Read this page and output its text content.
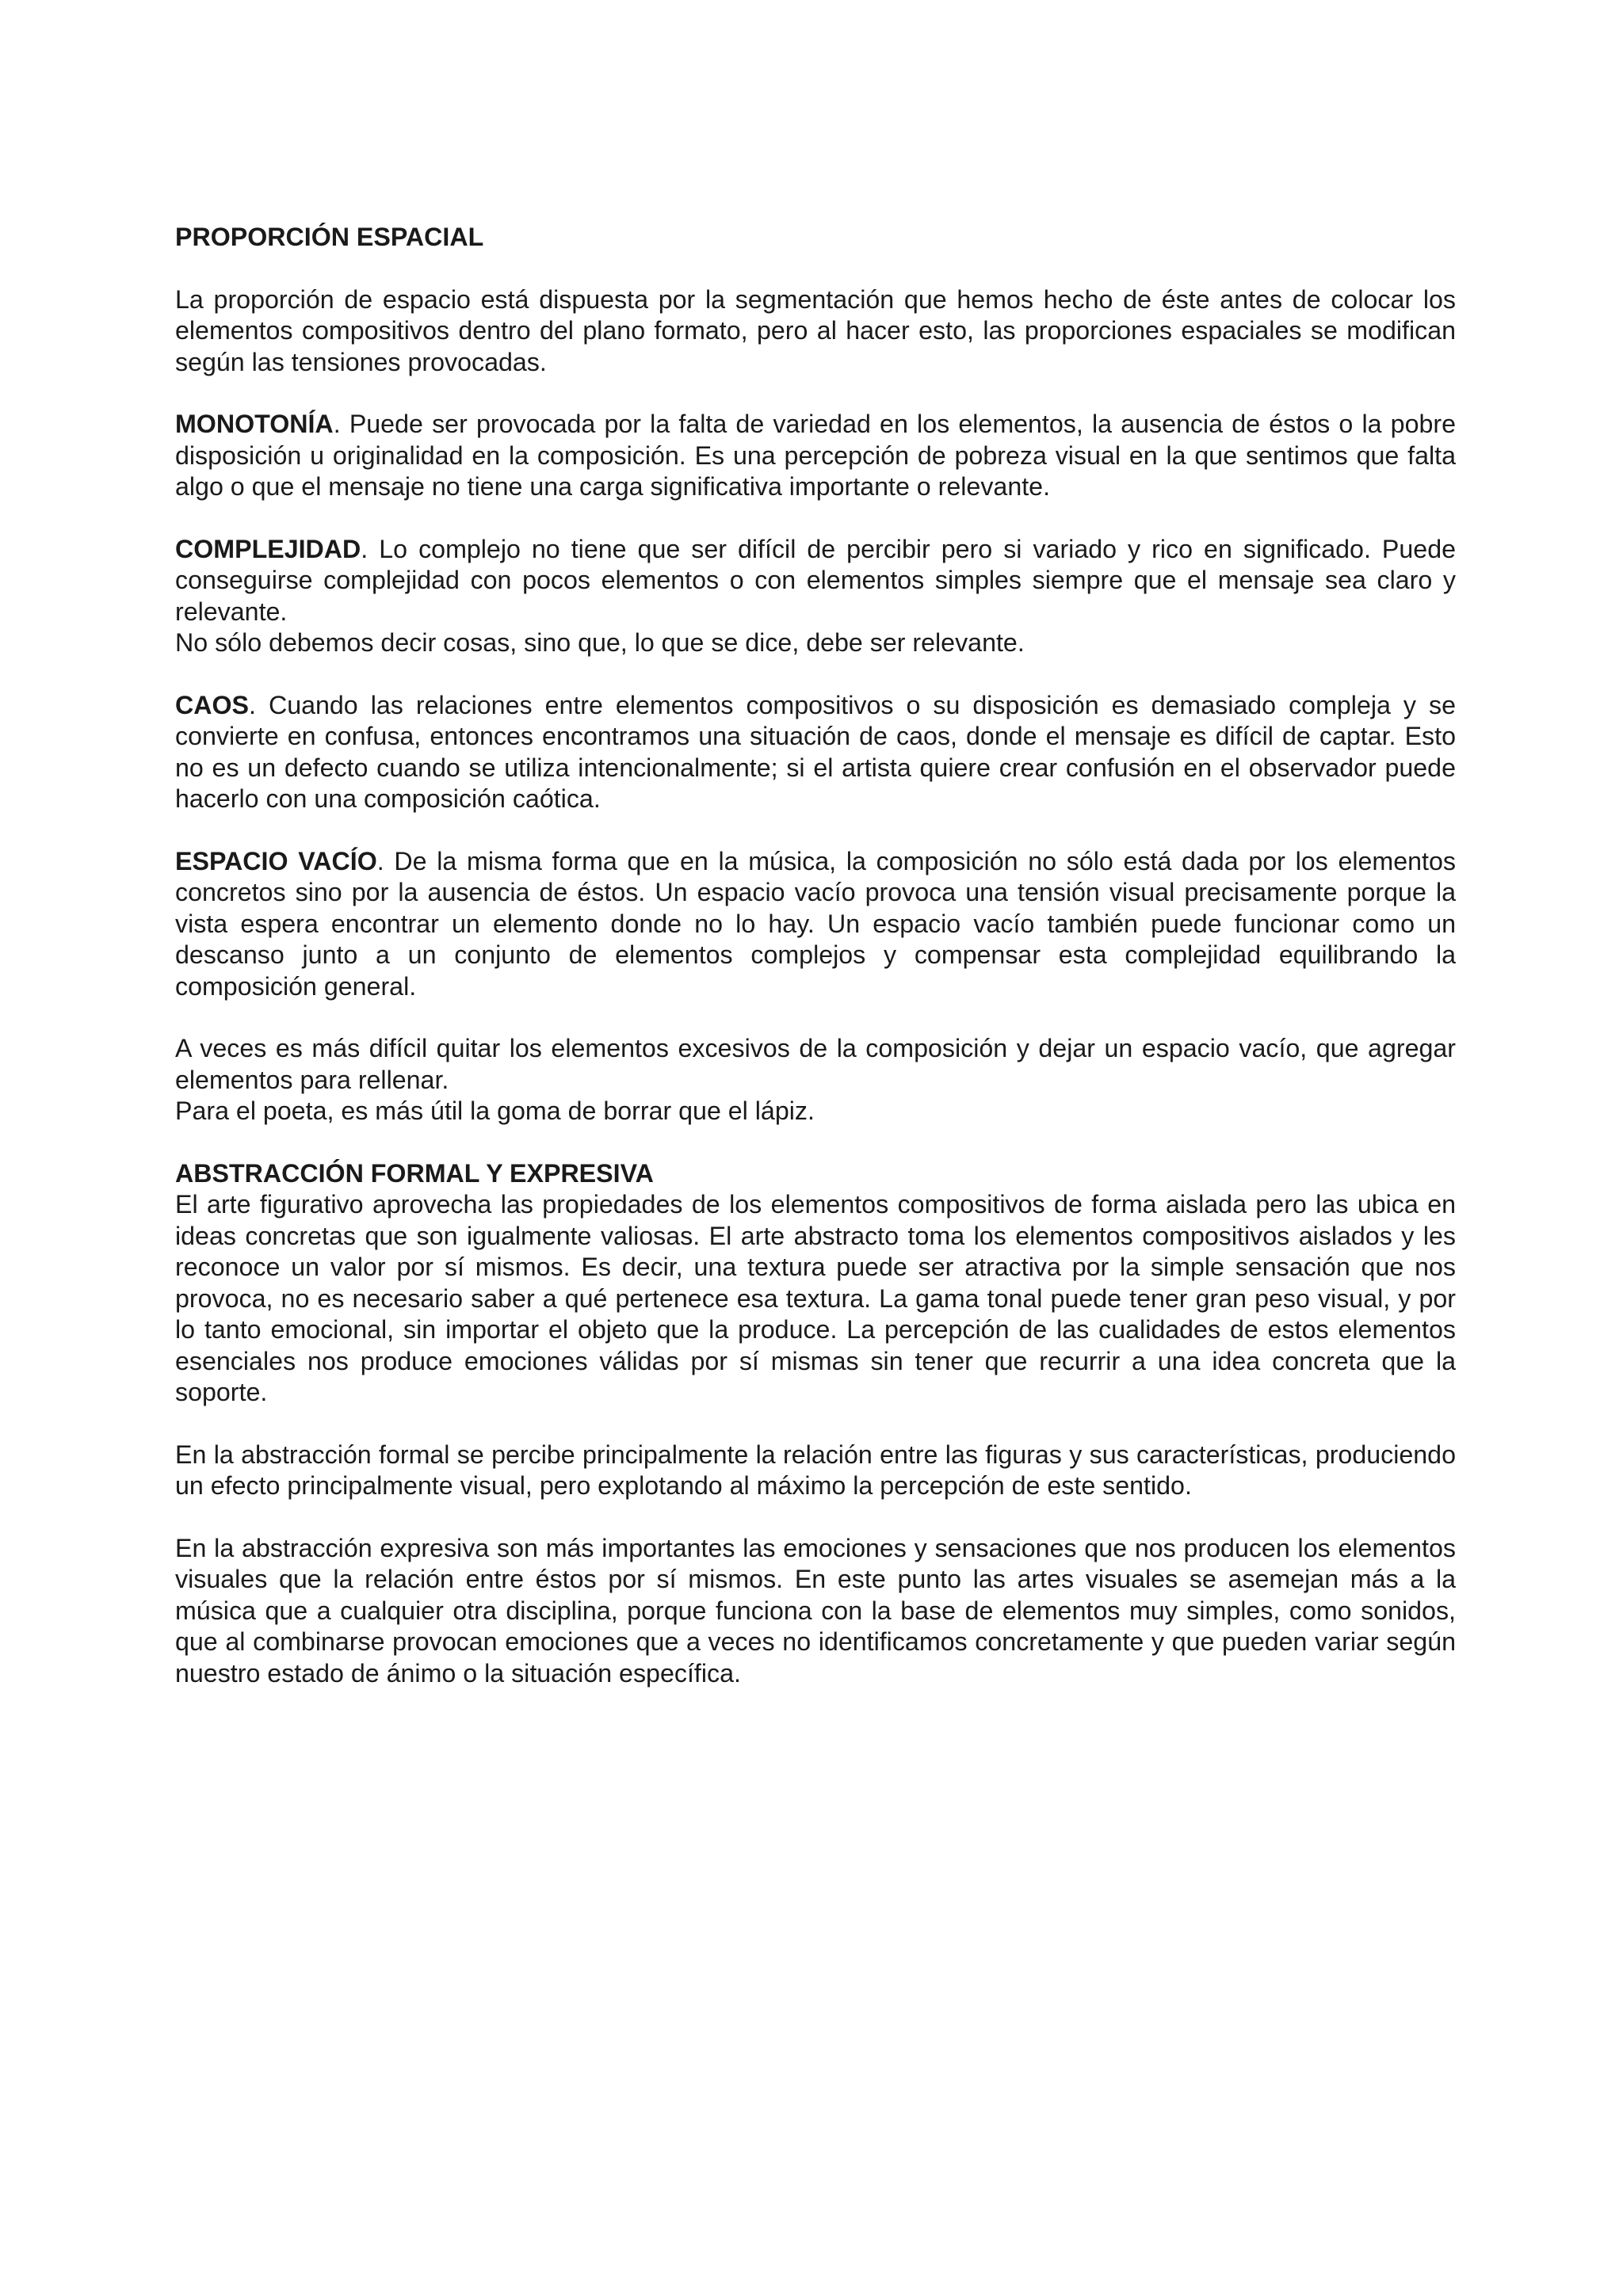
PROPORCIÓN ESPACIAL

La proporción de espacio está dispuesta por la segmentación que hemos hecho de éste antes de colocar los elementos compositivos dentro del plano formato, pero al hacer esto, las proporciones espaciales se modifican según las tensiones provocadas.

MONOTONÍA. Puede ser provocada por la falta de variedad en los elementos, la ausencia de éstos o la pobre disposición u originalidad en la composición. Es una percepción de pobreza visual en la que sentimos que falta algo o que el mensaje no tiene una carga significativa importante o relevante.

COMPLEJIDAD. Lo complejo no tiene que ser difícil de percibir pero si variado y rico en significado. Puede conseguirse complejidad con pocos elementos o con elementos simples siempre que el mensaje sea claro y relevante.

No sólo debemos decir cosas, sino que, lo que se dice, debe ser relevante.

CAOS. Cuando las relaciones entre elementos compositivos o su disposición es demasiado compleja y se convierte en confusa, entonces encontramos una situación de caos, donde el mensaje es difícil de captar. Esto no es un defecto cuando se utiliza intencionalmente; si el artista quiere crear confusión en el observador puede hacerlo con una composición caótica.

ESPACIO VACÍO. De la misma forma que en la música, la composición no sólo está dada por los elementos concretos sino por la ausencia de éstos. Un espacio vacío provoca una tensión visual precisamente porque la vista espera encontrar un elemento donde no lo hay. Un espacio vacío también puede funcionar como un descanso junto a un conjunto de elementos complejos y compensar esta complejidad equilibrando la composición general.

A veces es más difícil quitar los elementos excesivos de la composición y dejar un espacio vacío, que agregar elementos para rellenar.

Para el poeta, es más útil la goma de borrar que el lápiz.

ABSTRACCIÓN FORMAL Y EXPRESIVA

El arte figurativo aprovecha las propiedades de los elementos compositivos de forma aislada pero las ubica en ideas concretas que son igualmente valiosas. El arte abstracto toma los elementos compositivos aislados y les reconoce un valor por sí mismos. Es decir, una textura puede ser atractiva por la simple sensación que nos provoca, no es necesario saber a qué pertenece esa textura. La gama tonal puede tener gran peso visual, y por lo tanto emocional, sin importar el objeto que la produce. La percepción de las cualidades de estos elementos esenciales nos produce emociones válidas por sí mismas sin tener que recurrir a una idea concreta que la soporte.

En la abstracción formal se percibe principalmente la relación entre las figuras y sus características, produciendo un efecto principalmente visual, pero explotando al máximo la percepción de este sentido.

En la abstracción expresiva son más importantes las emociones y sensaciones que nos producen los elementos visuales que la relación entre éstos por sí mismos. En este punto las artes visuales se asemejan más a la música que a cualquier otra disciplina, porque funciona con la base de elementos muy simples, como sonidos, que al combinarse provocan emociones que a veces no identificamos concretamente y que pueden variar según nuestro estado de ánimo o la situación específica.
